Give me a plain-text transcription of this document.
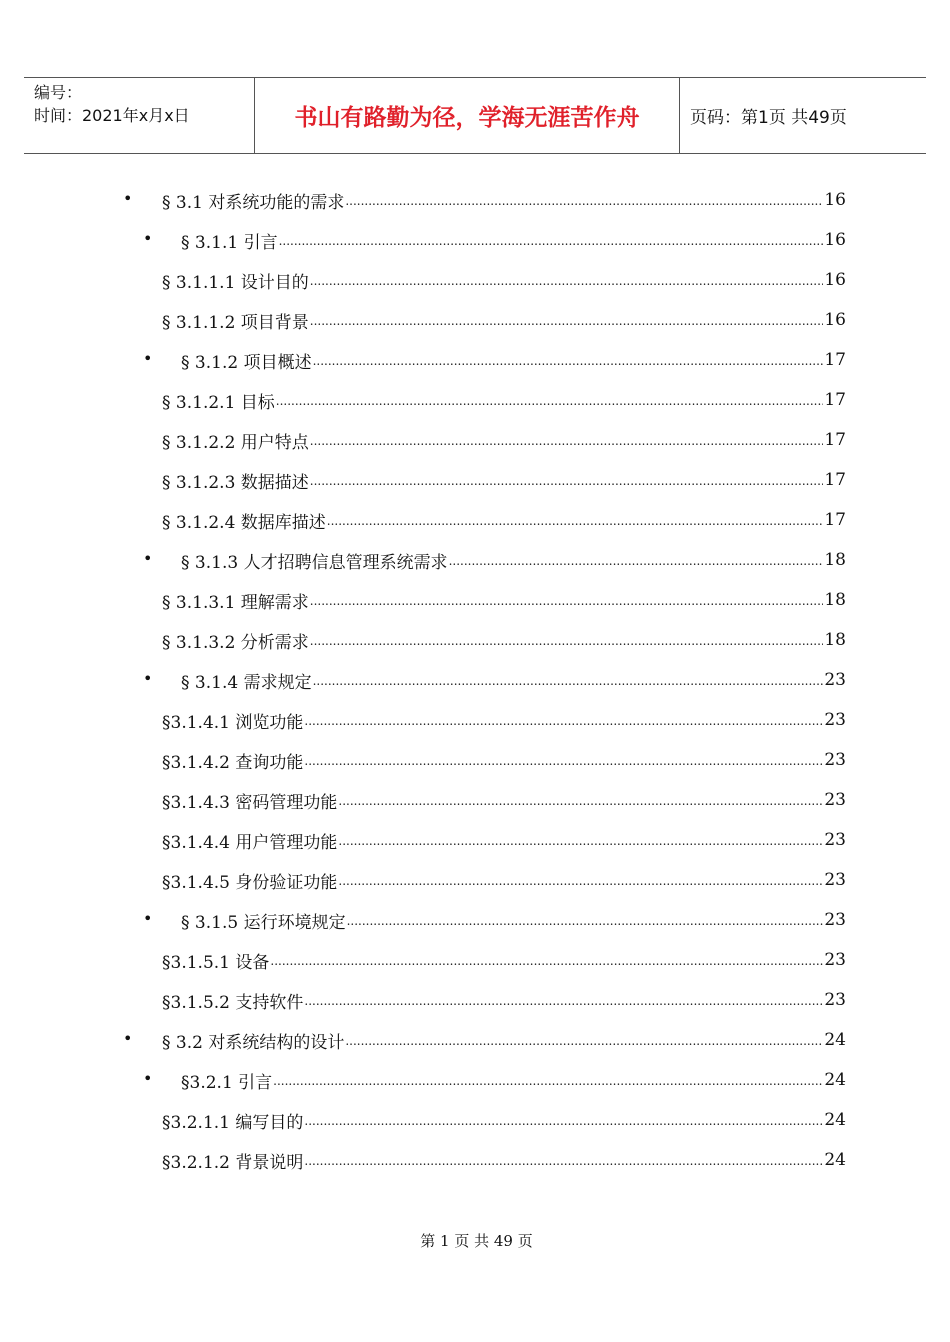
编号：
时间：2021年x月x日	书山有路勤为径，学海无涯苦作舟	页码：第1页 共49页
• § 3.1 对系统功能的需求 .....	16
• § 3.1.1 引言 .....	16
§ 3.1.1.1 设计目的 .....	16
§ 3.1.1.2 项目背景 .....	16
• § 3.1.2 项目概述 .....	17
§ 3.1.2.1 目标 .....	17
§ 3.1.2.2 用户特点 .....	17
§ 3.1.2.3 数据描述 .....	17
§ 3.1.2.4 数据库描述 .....	17
• § 3.1.3 人才招聘信息管理系统需求 .....	18
§ 3.1.3.1 理解需求 .....	18
§ 3.1.3.2 分析需求 .....	18
• § 3.1.4 需求规定 .....	23
§3.1.4.1 浏览功能 .....	23
§3.1.4.2 查询功能 .....	23
§3.1.4.3 密码管理功能 .....	23
§3.1.4.4 用户管理功能 .....	23
§3.1.4.5 身份验证功能 .....	23
• § 3.1.5 运行环境规定 .....	23
§3.1.5.1 设备 .....	23
§3.1.5.2 支持软件 .....	23
• § 3.2 对系统结构的设计 .....	24
• §3.2.1 引言 .....	24
§3.2.1.1 编写目的 .....	24
§3.2.1.2 背景说明 .....	24
第 1 页 共 49 页
